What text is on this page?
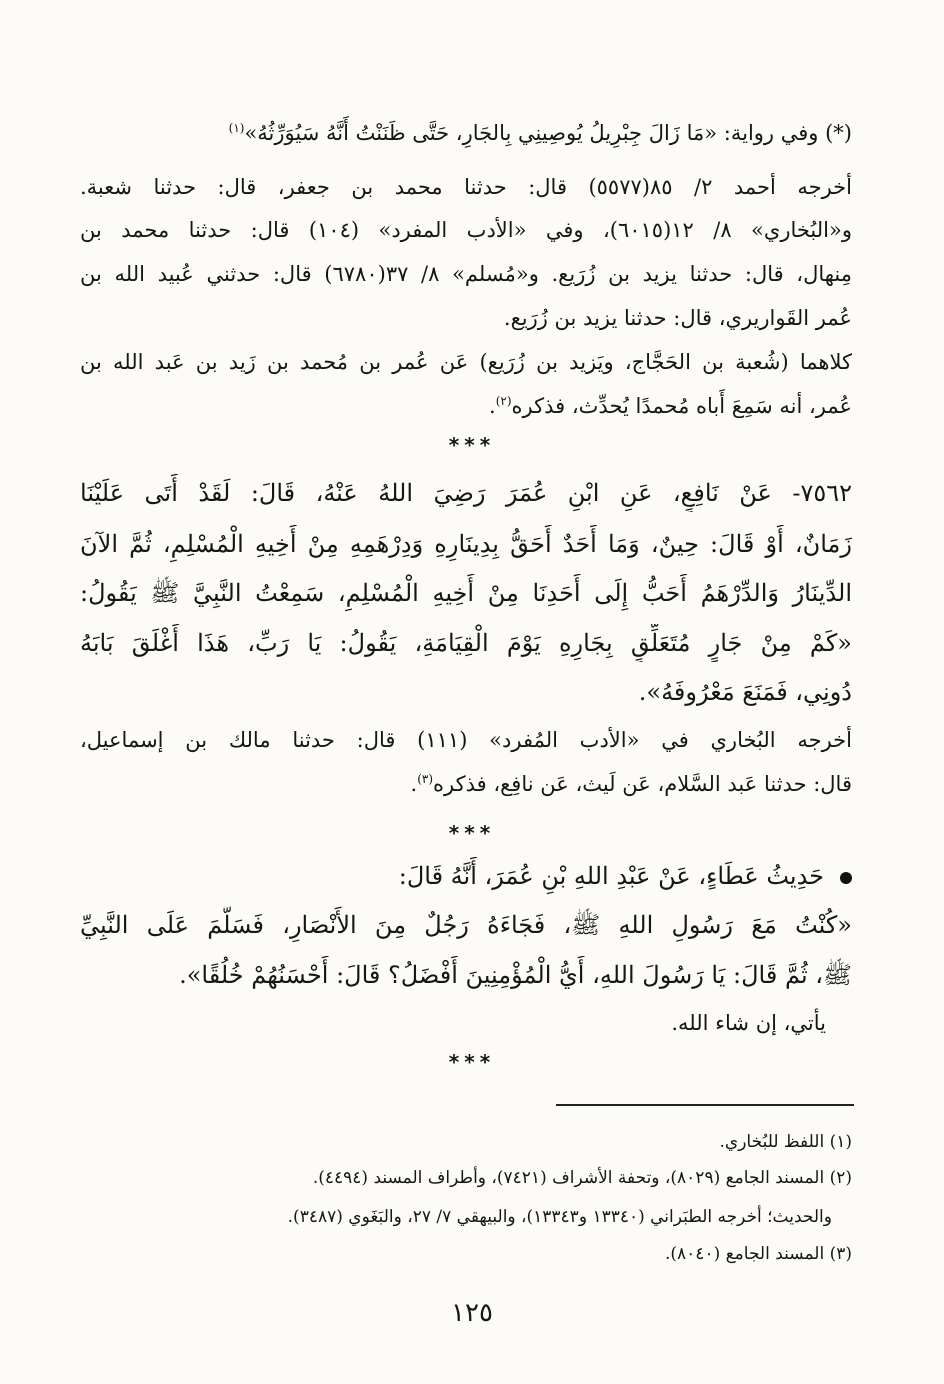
(*) وفي رواية: «مَا زَالَ جِبْرِيلُ يُوصِينِي بِالجَارِ، حَتَّى ظَنَنْتُ أَنَّهُ سَيُوَرِّثُهُ»$^{(١)}$
أخرجه أحمد ٢/ ٨٥(٥٥٧٧) قال: حدثنا محمد بن جعفر، قال: حدثنا شعبة.
و«البُخاري» ٨/ ١٢(٦٠١٥)، وفي «الأدب المفرد» (١٠٤) قال: حدثنا محمد بن
مِنهال، قال: حدثنا يزيد بن زُرَيع. و«مُسلم» ٨/ ٣٧(٦٧٨٠) قال: حدثني عُبيد الله بن
عُمر القَواريري، قال: حدثنا يزيد بن زُرَيع.
كلاهما (شُعبة بن الحَجَّاج، ويَزيد بن زُرَيع) عَن عُمر بن مُحمد بن زَيد بن عَبد الله بن
عُمر، أنه سَمِعَ أَباه مُحمدًا يُحدِّث، فذكره$^{(٢)}$.
***
٧٥٦٢- عَنْ نَافِعٍ، عَنِ ابْنِ عُمَرَ رَضِيَ اللهُ عَنْهُ، قَالَ: لَقَدْ أَتَى عَلَيْنَا
زَمَانٌ، أَوْ قَالَ: حِينٌ، وَمَا أَحَدٌ أَحَقُّ بِدِينَارِهِ وَدِرْهَمِهِ مِنْ أَخِيهِ الْمُسْلِمِ، ثُمَّ الآنَ
الدِّينَارُ وَالدِّرْهَمُ أَحَبُّ إِلَى أَحَدِنَا مِنْ أَخِيهِ الْمُسْلِمِ، سَمِعْتُ النَّبِيَّ ﷺ يَقُولُ:
«كَمْ مِنْ جَارٍ مُتَعَلِّقٍ بِجَارِهِ يَوْمَ الْقِيَامَةِ، يَقُولُ: يَا رَبِّ، هَذَا أَغْلَقَ بَابَهُ
دُونِي، فَمَنَعَ مَعْرُوفَهُ».
أخرجه البُخاري في «الأدب المُفرد» (١١١) قال: حدثنا مالك بن إسماعيل،
قال: حدثنا عَبد السَّلام، عَن لَيث، عَن نافِع، فذكره$^{(٣)}$.
***
حَدِيثُ عَطَاءٍ، عَنْ عَبْدِ اللهِ بْنِ عُمَرَ، أَنَّهُ قَالَ:
«كُنْتُ مَعَ رَسُولِ اللهِ ﷺ، فَجَاءَهُ رَجُلٌ مِنَ الأَنْصَارِ، فَسَلَّمَ عَلَى النَّبِيِّ
ﷺ، ثُمَّ قَالَ: يَا رَسُولَ اللهِ، أَيُّ الْمُؤْمِنِينَ أَفْضَلُ؟ قَالَ: أَحْسَنُهُمْ خُلُقًا».
يأتي، إن شاء الله.
***
(١) اللفظ للبُخاري.
(٢) المسند الجامع (٨٠٢٩)، وتحفة الأشراف (٧٤٢١)، وأطراف المسند (٤٤٩٤).
والحديث؛ أخرجه الطبَراني (١٣٣٤٠ و١٣٣٤٣)، والبيهقي ٧/ ٢٧، والبَغَوي (٣٤٨٧).
(٣) المسند الجامع (٨٠٤٠).
١٢٥
